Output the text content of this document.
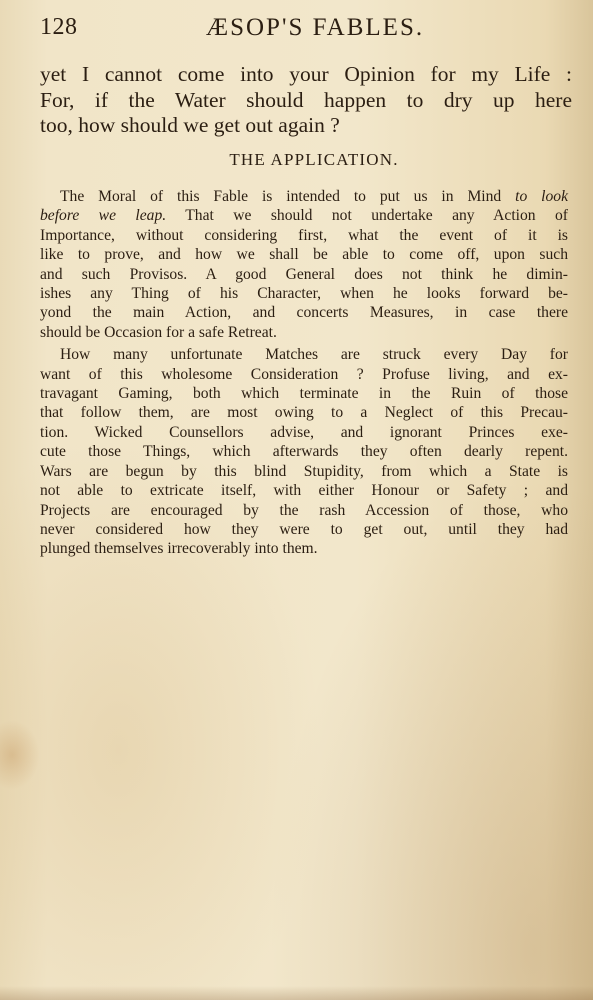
128	ÆSOP'S FABLES.
yet I cannot come into your Opinion for my Life :
For, if the Water should happen to dry up here
too, how should we get out again ?
THE APPLICATION.
The Moral of this Fable is intended to put us in Mind to look
before we leap. That we should not undertake any Action of
Importance, without considering first, what the event of it is
like to prove, and how we shall be able to come off, upon such
and such Provisos. A good General does not think he dimin-
ishes any Thing of his Character, when he looks forward be-
yond the main Action, and concerts Measures, in case there
should be Occasion for a safe Retreat.
How many unfortunate Matches are struck every Day for
want of this wholesome Consideration ? Profuse living, and ex-
travagant Gaming, both which terminate in the Ruin of those
that follow them, are most owing to a Neglect of this Precau-
tion. Wicked Counsellors advise, and ignorant Princes exe-
cute those Things, which afterwards they often dearly repent.
Wars are begun by this blind Stupidity, from which a State is
not able to extricate itself, with either Honour or Safety ; and
Projects are encouraged by the rash Accession of those, who
never considered how they were to get out, until they had
plunged themselves irrecoverably into them.
